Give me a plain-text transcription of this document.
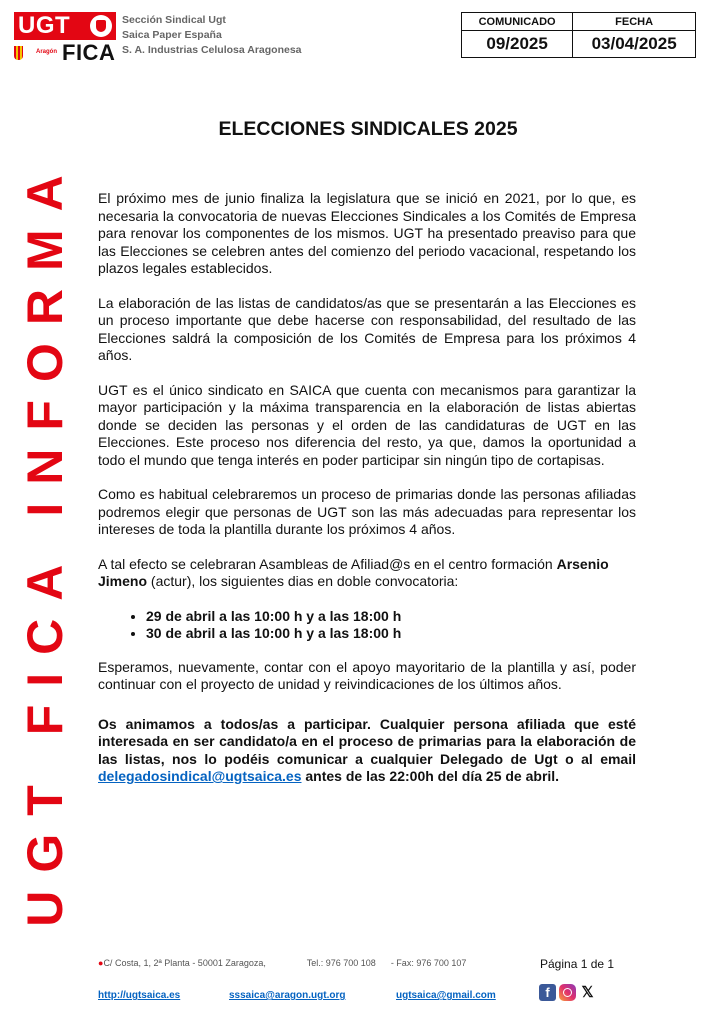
UGT
Aragón FICA
Sección Sindical Ugt
Saica Paper España
S. A. Industrias Celulosa Aragonesa
COMUNICADO	FECHA
09/2025	03/04/2025
UGT FICA INFORMA
ELECCIONES SINDICALES 2025

El próximo mes de junio finaliza la legislatura que se inició en 2021, por lo que, es necesaria la convocatoria de nuevas Elecciones Sindicales a los Comités de Empresa para renovar los componentes de los mismos. UGT ha presentado preaviso para que las Elecciones se celebren antes del comienzo del periodo vacacional, respetando los plazos legales establecidos.

La elaboración de las listas de candidatos/as que se presentarán a las Elecciones es un proceso importante que debe hacerse con responsabilidad, del resultado de las Elecciones saldrá la composición de los Comités de Empresa para los próximos 4 años.

UGT es el único sindicato en SAICA que cuenta con mecanismos para garantizar la mayor participación y la máxima transparencia en la elaboración de listas abiertas donde se deciden las personas y el orden de las candidaturas de UGT en las Elecciones. Este proceso nos diferencia del resto, ya que, damos la oportunidad a todo el mundo que tenga interés en poder participar sin ningún tipo de cortapisas.

Como es habitual celebraremos un proceso de primarias donde las personas afiliadas podremos elegir que personas de UGT son las más adecuadas para representar los intereses de toda la plantilla durante los próximos 4 años.

A tal efecto se celebraran Asambleas de Afiliad@s en el centro formación Arsenio Jimeno (actur), los siguientes dias en doble convocatoria:

• 29 de abril a las 10:00 h y a las 18:00 h
• 30 de abril a las 10:00 h y a las 18:00 h

Esperamos, nuevamente, contar con el apoyo mayoritario de la plantilla y así, poder continuar con el proyecto de unidad y reivindicaciones de los últimos años.

Os animamos a todos/as a participar. Cualquier persona afiliada que esté interesada en ser candidato/a en el proceso de primarias para la elaboración de las listas, nos lo podéis comunicar a cualquier Delegado de Ugt o al email delegadosindical@ugtsaica.es antes de las 22:00h del día 25 de abril.

●C/ Costa, 1, 2ª Planta - 50001 Zaragoza,	Tel.: 976 700 108 - Fax: 976 700 107	Página 1 de 1
http://ugtsaica.es	sssaica@aragon.ugt.org	ugtsaica@gmail.com	f	𝕏
